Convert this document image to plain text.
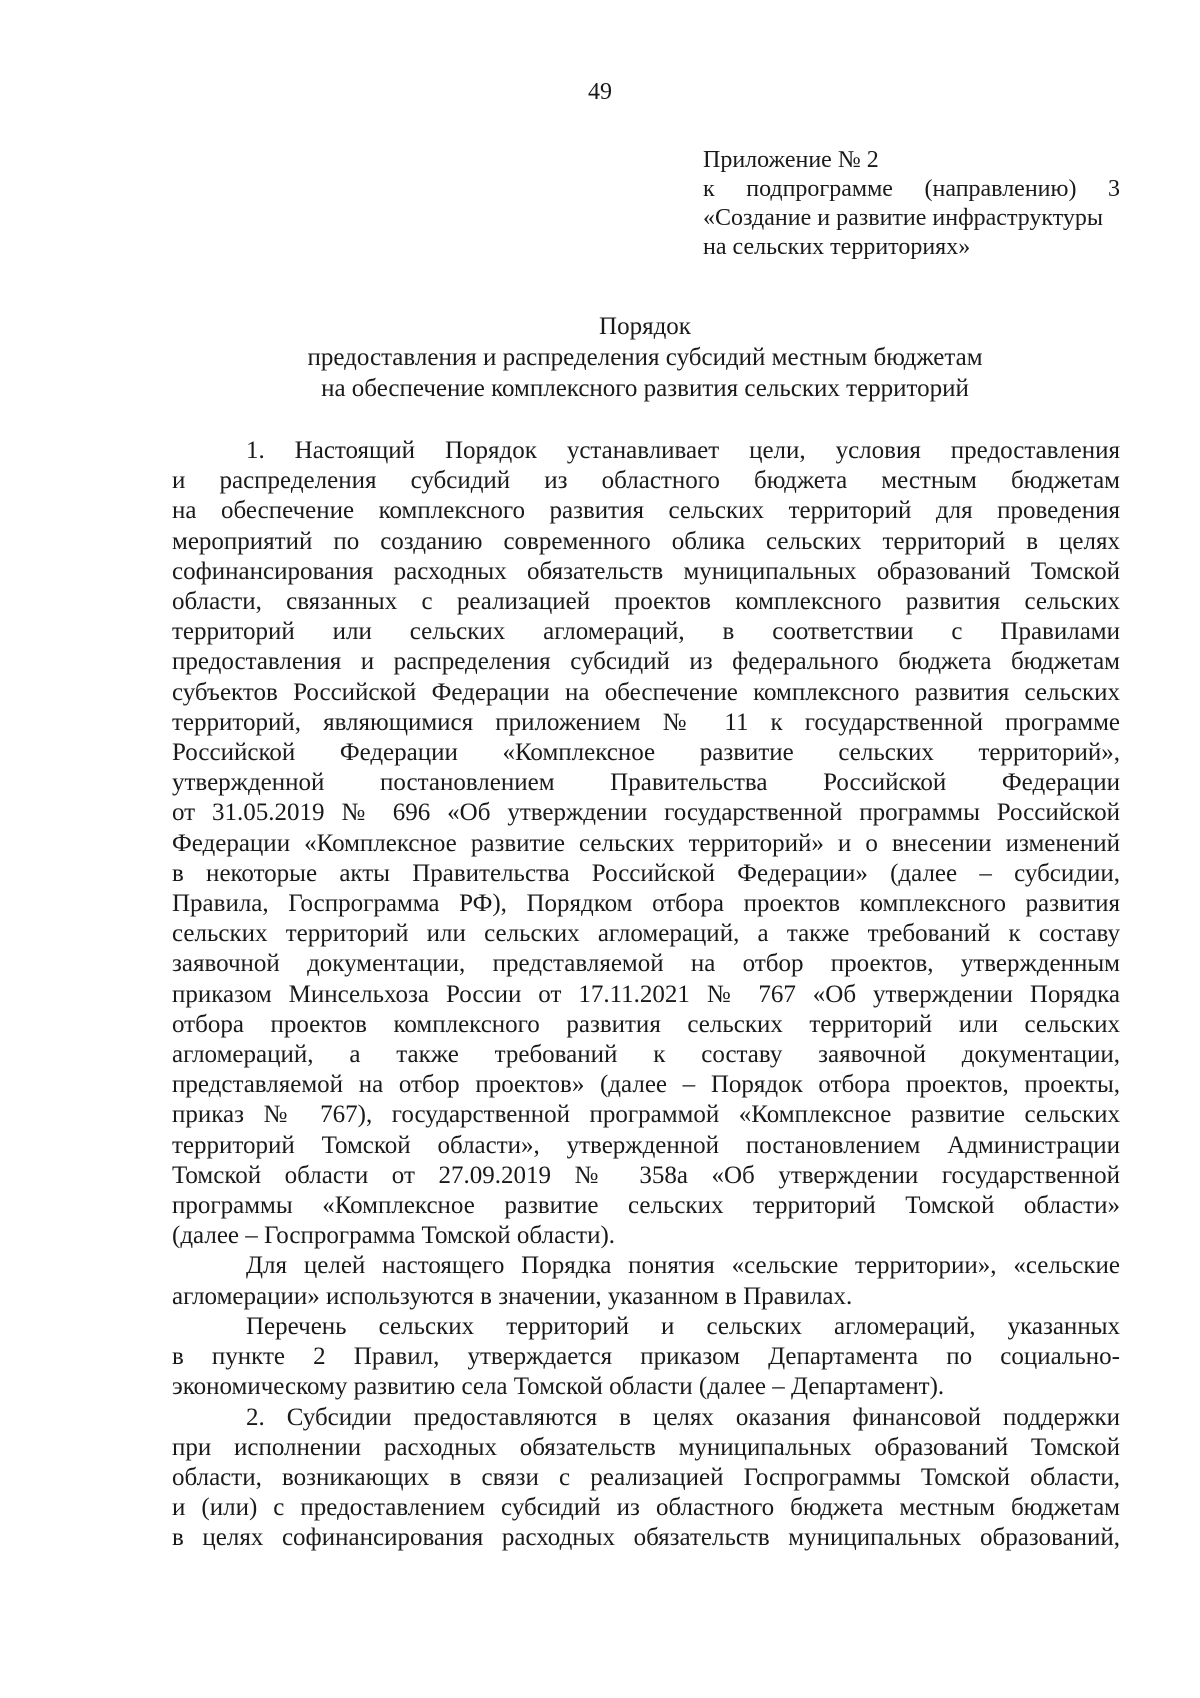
49
Приложение № 2
к подпрограмме (направлению) 3
«Создание и развитие инфраструктуры
на сельских территориях»
Порядок
предоставления и распределения субсидий местным бюджетам
на обеспечение комплексного развития сельских территорий
1. Настоящий Порядок устанавливает цели, условия предоставления
и распределения субсидий из областного бюджета местным бюджетам
на обеспечение комплексного развития сельских территорий для проведения
мероприятий по созданию современного облика сельских территорий в целях
софинансирования расходных обязательств муниципальных образований Томской
области, связанных с реализацией проектов комплексного развития сельских
территорий или сельских агломераций, в соответствии с Правилами
предоставления и распределения субсидий из федерального бюджета бюджетам
субъектов Российской Федерации на обеспечение комплексного развития сельских
территорий, являющимися приложением № 11 к государственной программе
Российской Федерации «Комплексное развитие сельских территорий»,
утвержденной постановлением Правительства Российской Федерации
от 31.05.2019 № 696 «Об утверждении государственной программы Российской
Федерации «Комплексное развитие сельских территорий» и о внесении изменений
в некоторые акты Правительства Российской Федерации» (далее – субсидии,
Правила, Госпрограмма РФ), Порядком отбора проектов комплексного развития
сельских территорий или сельских агломераций, а также требований к составу
заявочной документации, представляемой на отбор проектов, утвержденным
приказом Минсельхоза России от 17.11.2021 № 767 «Об утверждении Порядка
отбора проектов комплексного развития сельских территорий или сельских
агломераций, а также требований к составу заявочной документации,
представляемой на отбор проектов» (далее – Порядок отбора проектов, проекты,
приказ № 767), государственной программой «Комплексное развитие сельских
территорий Томской области», утвержденной постановлением Администрации
Томской области от 27.09.2019 № 358а «Об утверждении государственной
программы «Комплексное развитие сельских территорий Томской области»
(далее – Госпрограмма Томской области).
Для целей настоящего Порядка понятия «сельские территории», «сельские
агломерации» используются в значении, указанном в Правилах.
Перечень сельских территорий и сельских агломераций, указанных
в пункте 2 Правил, утверждается приказом Департамента по социально-
экономическому развитию села Томской области (далее – Департамент).
2. Субсидии предоставляются в целях оказания финансовой поддержки
при исполнении расходных обязательств муниципальных образований Томской
области, возникающих в связи с реализацией Госпрограммы Томской области,
и (или) с предоставлением субсидий из областного бюджета местным бюджетам
в целях софинансирования расходных обязательств муниципальных образований,
